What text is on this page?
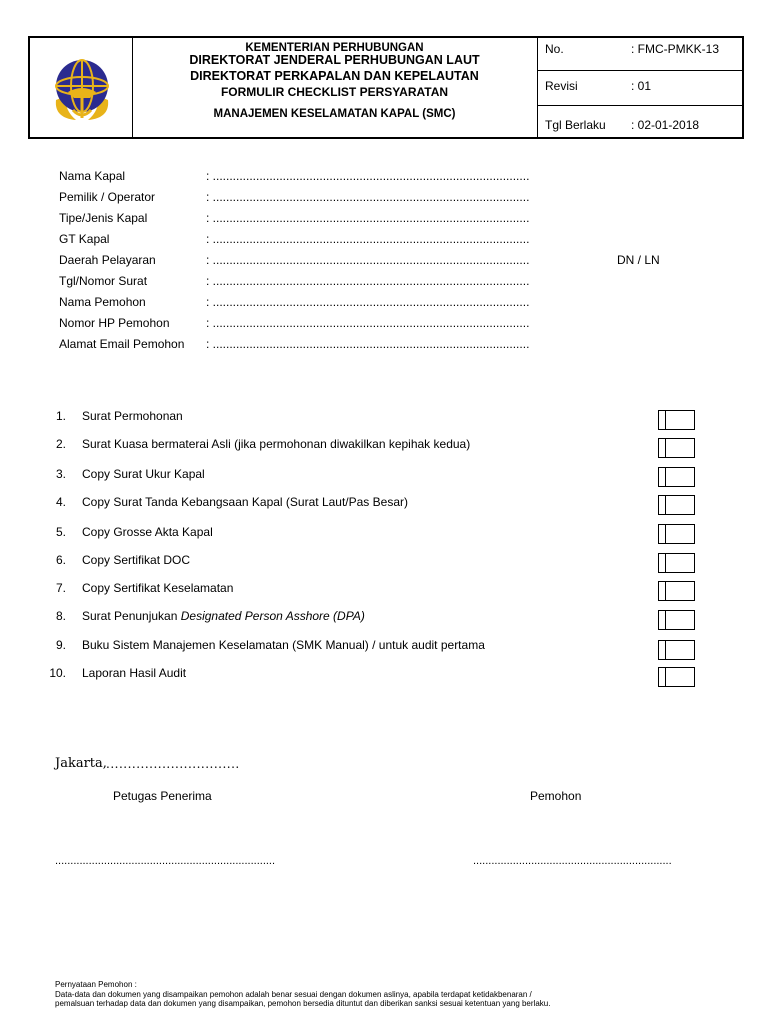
KEMENTERIAN PERHUBUNGAN
DIREKTORAT JENDERAL PERHUBUNGAN LAUT
DIREKTORAT PERKAPALAN DAN KEPELAUTAN
FORMULIR CHECKLIST PERSYARATAN
MANAJEMEN KESELAMATAN KAPAL (SMC)
No.	: FMC-PMKK-13
Revisi	: 01
Tgl Berlaku : 02-01-2018
Nama Kapal	: ...............................................................................................
Pemilik / Operator	: ...............................................................................................
Tipe/Jenis Kapal	: ...............................................................................................
GT Kapal	: ...............................................................................................
Daerah Pelayaran	: ...............................................................................................	DN / LN
Tgl/Nomor Surat	: ...............................................................................................
Nama Pemohon	: ...............................................................................................
Nomor HP Pemohon	: ...............................................................................................
Alamat Email Pemohon : ...............................................................................................
1. Surat Permohonan
2. Surat Kuasa bermaterai Asli (jika permohonan diwakilkan kepihak kedua)
3. Copy Surat Ukur Kapal
4. Copy Surat Tanda Kebangsaan Kapal (Surat Laut/Pas Besar)
5. Copy Grosse Akta Kapal
6. Copy Sertifikat DOC
7. Copy Sertifikat Keselamatan
8. Surat Penunjukan Designated Person Asshore (DPA)
9. Buku Sistem Manajemen Keselamatan (SMK Manual) / untuk audit pertama
10. Laporan Hasil Audit
Jakarta, ...............................
Petugas Penerima	Pemohon
........................................................................	.................................................................
Pernyataan Pemohon :
Data-data dan dokumen yang disampaikan pemohon adalah benar sesuai dengan dokumen aslinya, apabila terdapat ketidakbenaran /
pemalsuan terhadap data dan dokumen yang disampaikan, pemohon bersedia dituntut dan diberikan sanksi sesuai ketentuan yang berlaku.
